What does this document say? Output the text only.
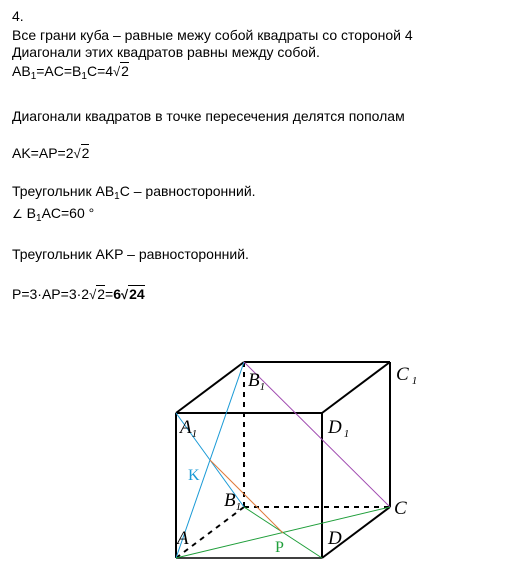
4.
Все грани куба – равные межу собой квадраты со стороной 4
Диагонали этих квадратов равны между собой.
$AB_1=AC=B_1C=4√2$
Диагонали квадратов в точке пересечения делятся пополам
AK=AP=2√2
Треугольник $AB_1C$ – равносторонний.
∠ $B_1AC=60$ °
Треугольник AKP – равносторонний.
P=3·AP=3·2√2=6√24
$B_1$
C $_1$
$A_1$	D $_1$
$B_1$	C
A	D
K
P
